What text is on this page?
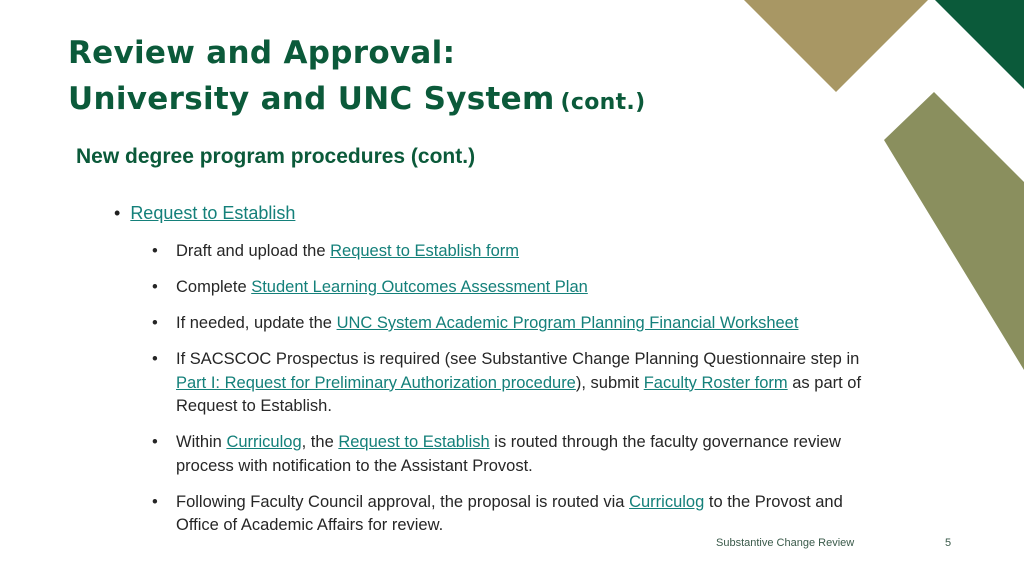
Review and Approval:
University and UNC System (cont.)
New degree program procedures (cont.)
• Request to Establish
• Draft and upload the Request to Establish form
• Complete Student Learning Outcomes Assessment Plan
• If needed, update the UNC System Academic Program Planning Financial Worksheet
• If SACSCOC Prospectus is required (see Substantive Change Planning Questionnaire step in Part I: Request for Preliminary Authorization procedure), submit Faculty Roster form as part of Request to Establish.
• Within Curriculog, the Request to Establish is routed through the faculty governance review process with notification to the Assistant Provost.
• Following Faculty Council approval, the proposal is routed via Curriculog to the Provost and Office of Academic Affairs for review.
Substantive Change Review	5
